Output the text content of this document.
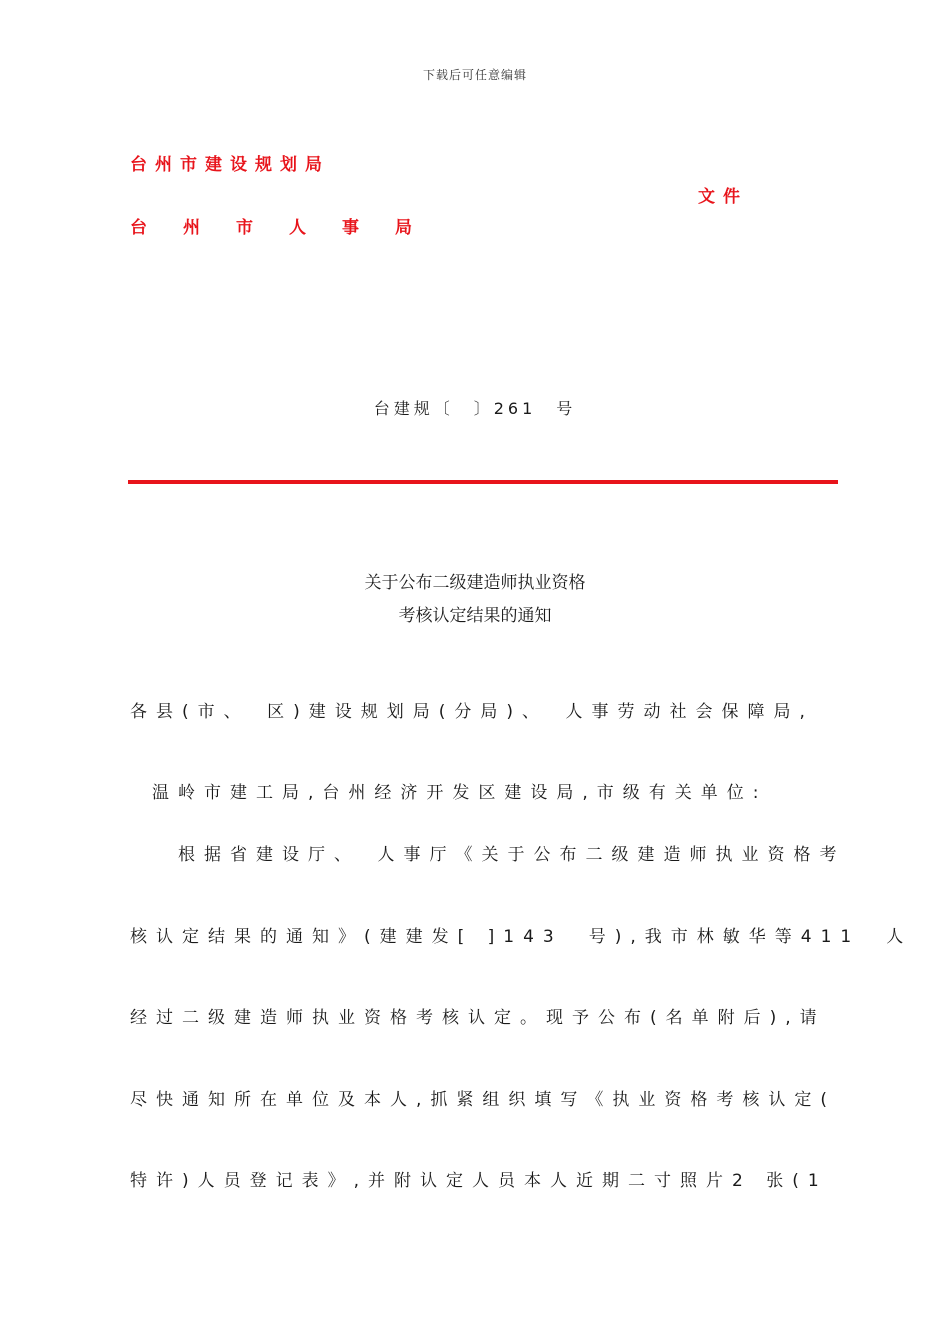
下载后可任意编辑
台州市建设规划局
台州市人事局
文件
台建规〔　〕261　号
关于公布二级建造师执业资格
考核认定结果的通知
各县(市、　区)建设规划局(分局)、　人事劳动社会保障局,
温岭市建工局,台州经济开发区建设局,市级有关单位:
根据省建设厅、　人事厅《关于公布二级建造师执业资格考
核认定结果的通知》(建建发[ ]143　号),我市林敏华等411　人
经过二级建造师执业资格考核认定。现予公布(名单附后),请
尽快通知所在单位及本人,抓紧组织填写《执业资格考核认定(
特许)人员登记表》,并附认定人员本人近期二寸照片2 张(1
